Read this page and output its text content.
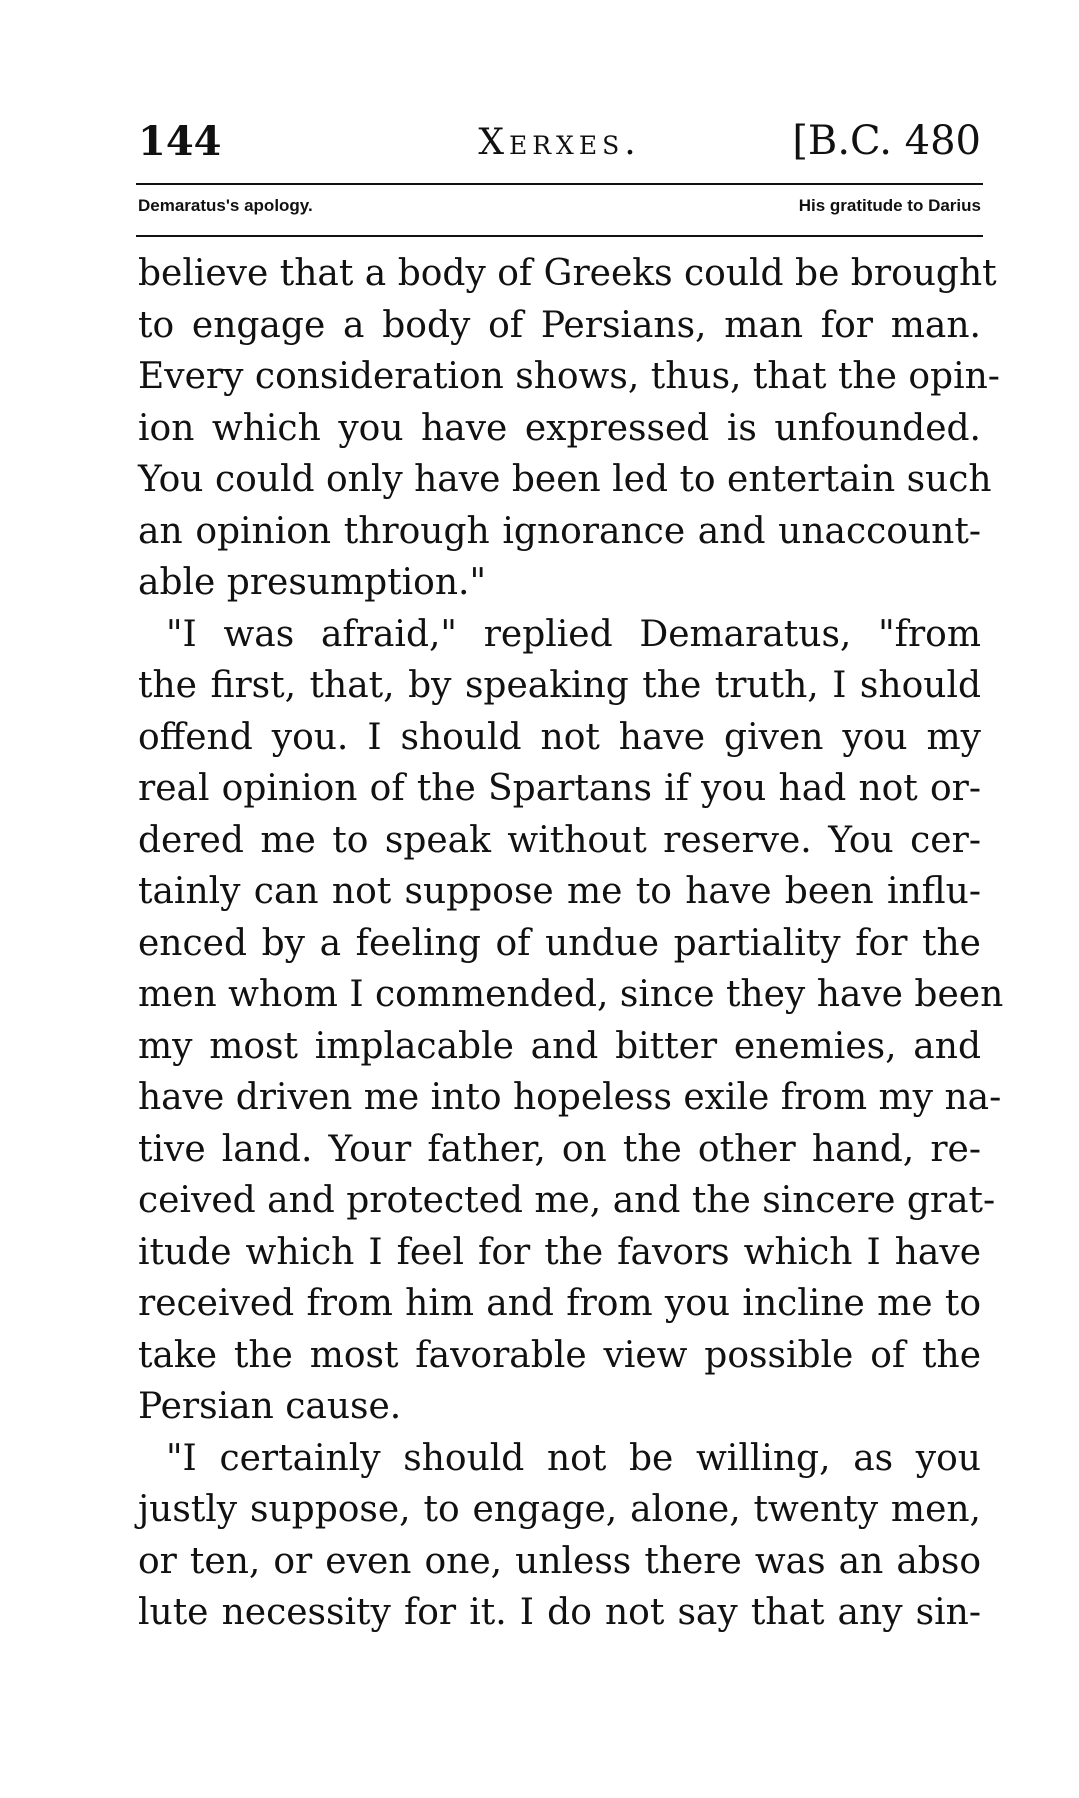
144	Xerxes.	[B.C. 480
Demaratus's apology.	His gratitude to Darius
believe that a body of Greeks could be brought
to engage a body of Persians, man for man.
Every consideration shows, thus, that the opin-
ion which you have expressed is unfounded.
You could only have been led to entertain such
an opinion through ignorance and unaccount-
able presumption."
"I was afraid," replied Demaratus, "from
the first, that, by speaking the truth, I should
offend you. I should not have given you my
real opinion of the Spartans if you had not or-
dered me to speak without reserve. You cer-
tainly can not suppose me to have been influ-
enced by a feeling of undue partiality for the
men whom I commended, since they have been
my most implacable and bitter enemies, and
have driven me into hopeless exile from my na-
tive land. Your father, on the other hand, re-
ceived and protected me, and the sincere grat-
itude which I feel for the favors which I have
received from him and from you incline me to
take the most favorable view possible of the
Persian cause.
"I certainly should not be willing, as you
justly suppose, to engage, alone, twenty men,
or ten, or even one, unless there was an abso
lute necessity for it. I do not say that any sin-
